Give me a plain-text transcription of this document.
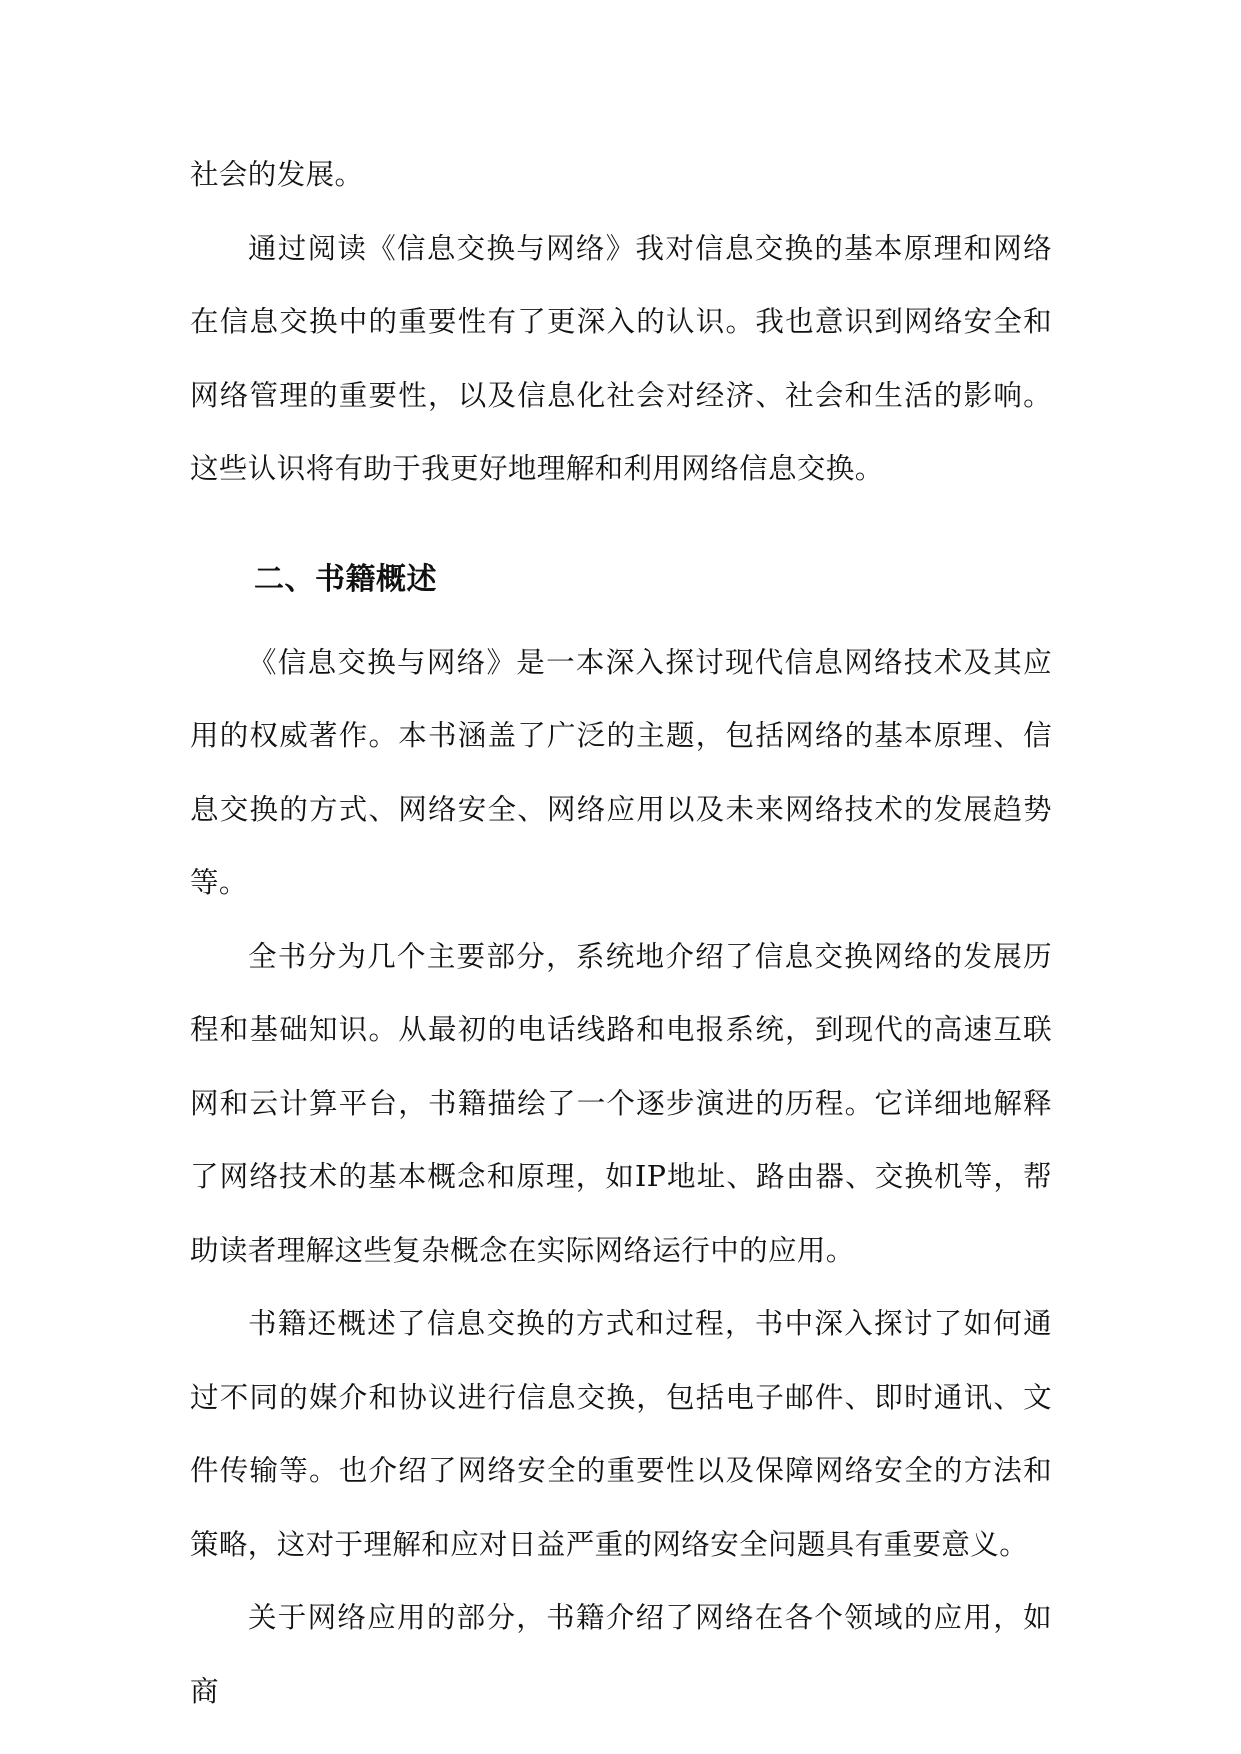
社会的发展。

通过阅读《信息交换与网络》我对信息交换的基本原理和网络在信息交换中的重要性有了更深入的认识。我也意识到网络安全和网络管理的重要性，以及信息化社会对经济、社会和生活的影响。这些认识将有助于我更好地理解和利用网络信息交换。

二、书籍概述

《信息交换与网络》是一本深入探讨现代信息网络技术及其应用的权威著作。本书涵盖了广泛的主题，包括网络的基本原理、信息交换的方式、网络安全、网络应用以及未来网络技术的发展趋势等。

全书分为几个主要部分，系统地介绍了信息交换网络的发展历程和基础知识。从最初的电话线路和电报系统，到现代的高速互联网和云计算平台，书籍描绘了一个逐步演进的历程。它详细地解释了网络技术的基本概念和原理，如IP地址、路由器、交换机等，帮助读者理解这些复杂概念在实际网络运行中的应用。

书籍还概述了信息交换的方式和过程，书中深入探讨了如何通过不同的媒介和协议进行信息交换，包括电子邮件、即时通讯、文件传输等。也介绍了网络安全的重要性以及保障网络安全的方法和策略，这对于理解和应对日益严重的网络安全问题具有重要意义。

关于网络应用的部分，书籍介绍了网络在各个领域的应用，如商
